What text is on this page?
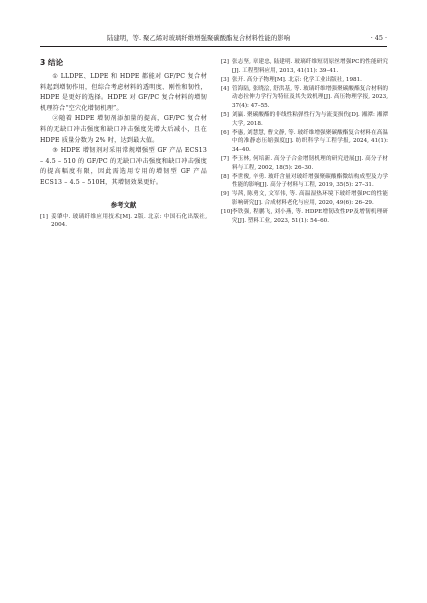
陆建明，等. 聚乙烯对玻璃纤维增强聚碳酸酯复合材料性能的影响	· 45 ·
3 结论

① LLDPE、LDPE 和 HDPE 都能对 GF/PC 复合材料起到增韧作用，但综合考虑材料的透明度、刚性和韧性，HDPE 是更好的选择。HDPE 对 GF/PC 复合材料的增韧机理符合“空穴化增韧机理”。

②随着 HDPE 增韧剂添加量的提高，GF/PC 复合材料的无缺口冲击强度和缺口冲击强度先增大后减小，且在 HDPE 质量分数为 2% 时，达到最大值。

③ HDPE 增韧剂对采用常规增强型 GF 产品 ECS13 – 4.5 – 510 的 GF/PC 的无缺口冲击强度和缺口冲击强度的提高幅度有限，因此需选用专用的增韧型 GF 产品 ECS13 – 4.5 – 510H，其增韧效果更好。

参考文献
[1] 姜肇中. 玻璃纤维应用技术[M]. 2版. 北京: 中国石化出版社, 2004.
[2] 张志坚, 章建忠, 陆建明. 玻璃纤维短切原丝增强PC的性能研究[J]. 工程塑料应用, 2013, 41(11): 39–41.
[3] 张开. 高分子物理[M]. 北京: 化学工业出版社, 1981.
[4] 管海陆, 张晓浍, 舒洪基, 等. 玻璃纤维增强聚碳酸酯复合材料的动态拉伸力学行为特征及其失效机理[J]. 高压物理学报, 2023, 37(4): 47–55.
[5] 刘赢. 聚碳酸酯的非线性粘弹性行为与流变损伤[D]. 湘潭: 湘潭大学, 2018.
[6] 李惠, 刘慧慧, 曹文静, 等. 玻纤维增强聚碳酸酯复合材料在高温中的准静态压缩强度[J]. 纺织科学与工程学报, 2024, 41(1): 34–40.
[7] 李玉林, 何培新. 高分子合金增韧机理的研究进展[J]. 高分子材料与工程, 2002, 18(5): 26–30.
[8] 李世俊, 辛勇. 玻纤含量对玻纤增强聚碳酸酯微结构成型及力学性能的影响[J]. 高分子材料与工程, 2019, 35(5): 27–31.
[9] 岑茜, 陈勇文, 文军伟, 等. 高温湿热环境下玻纤增强PC的性能影响研究[J]. 合成材料老化与应用, 2020, 49(6): 26–29.
[10] 李铁强, 程鹏飞, 刘小燕, 等. HDPE增韧改性PP及增韧机理研究[J]. 塑料工业, 2023, 51(1): 54–60.
